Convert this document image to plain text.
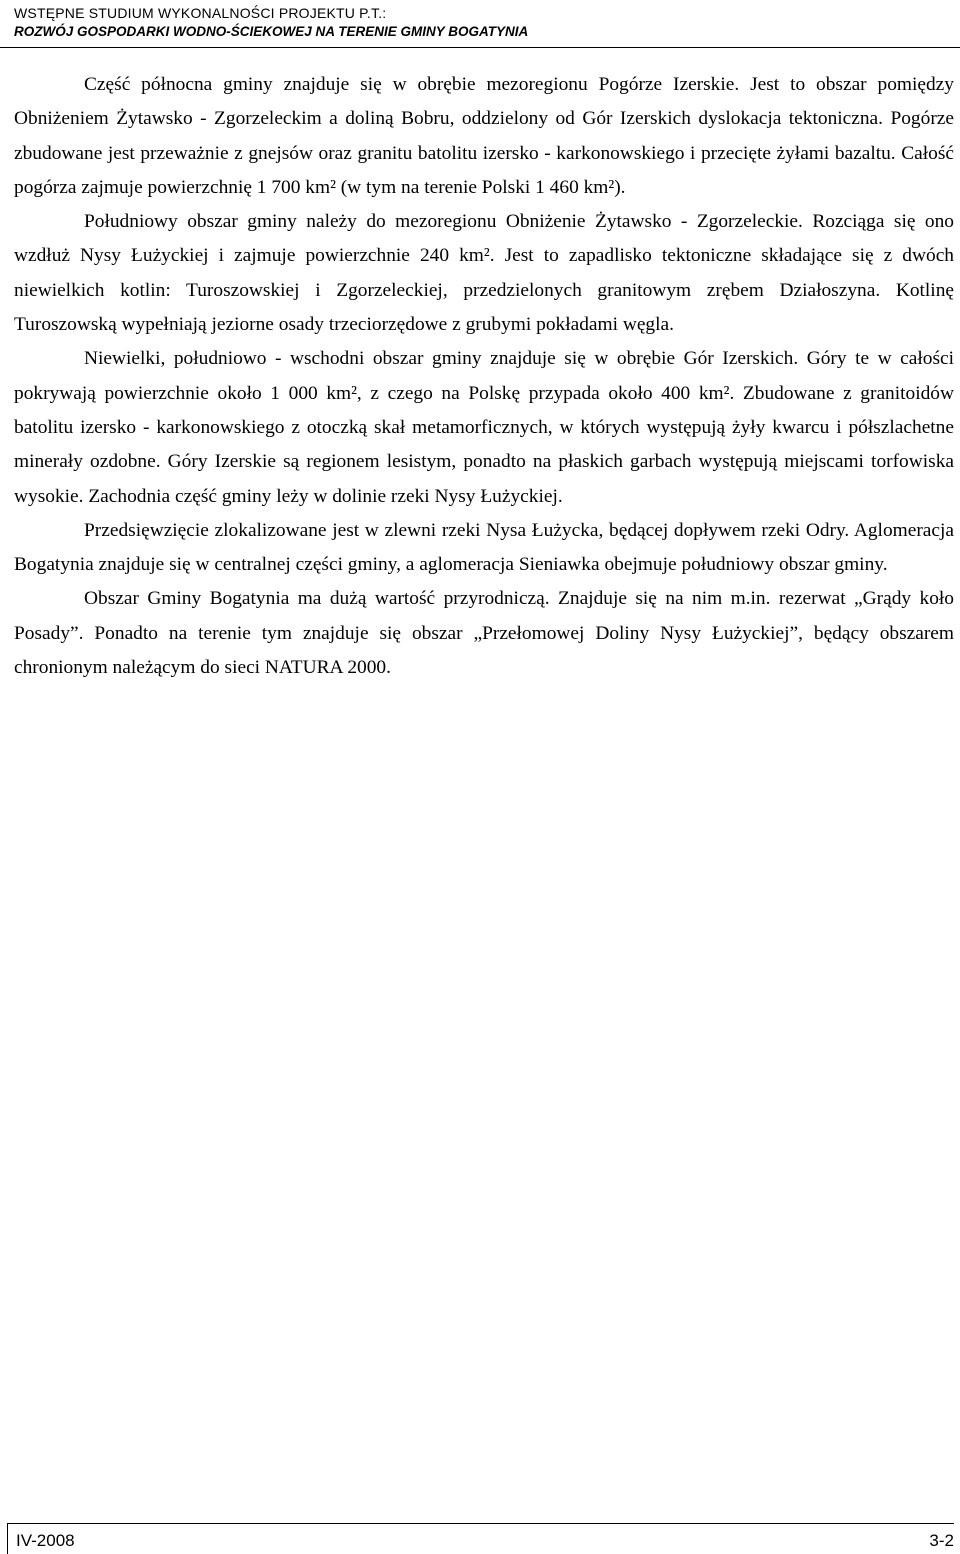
WSTĘPNE STUDIUM WYKONALNOŚCI PROJEKTU P.T.:
ROZWÓJ GOSPODARKI WODNO-ŚCIEKOWEJ NA TERENIE GMINY BOGATYNIA

Część północna gminy znajduje się w obrębie mezoregionu Pogórze Izerskie. Jest to obszar pomiędzy Obniżeniem Żytawsko - Zgorzeleckim a doliną Bobru, oddzielony od Gór Izerskich dyslokacja tektoniczna. Pogórze zbudowane jest przeważnie z gnejsów oraz granitu batolitu izersko - karkonowskiego i przecięte żyłami bazaltu. Całość pogórza zajmuje powierzchnię 1 700 km² (w tym na terenie Polski 1 460 km²).

Południowy obszar gminy należy do mezoregionu Obniżenie Żytawsko - Zgorzeleckie. Rozciąga się ono wzdłuż Nysy Łużyckiej i zajmuje powierzchnie 240 km². Jest to zapadlisko tektoniczne składające się z dwóch niewielkich kotlin: Turoszowskiej i Zgorzeleckiej, przedzielonych granitowym zrębem Działoszyna. Kotlinę Turoszowską wypełniają jeziorne osady trzeciorzędowe z grubymi pokładami węgla.

Niewielki, południowo - wschodni obszar gminy znajduje się w obrębie Gór Izerskich. Góry te w całości pokrywają powierzchnie około 1 000 km², z czego na Polskę przypada około 400 km². Zbudowane z granitoidów batolitu izersko - karkonowskiego z otoczką skał metamorficznych, w których występują żyły kwarcu i półszlachetne minerały ozdobne. Góry Izerskie są regionem lesistym, ponadto na płaskich garbach występują miejscami torfowiska wysokie. Zachodnia część gminy leży w dolinie rzeki Nysy Łużyckiej.

Przedsięwzięcie zlokalizowane jest w zlewni rzeki Nysa Łużycka, będącej dopływem rzeki Odry. Aglomeracja Bogatynia znajduje się w centralnej części gminy, a aglomeracja Sieniawka obejmuje południowy obszar gminy.

Obszar Gminy Bogatynia ma dużą wartość przyrodniczą. Znajduje się na nim m.in. rezerwat „Grądy koło Posady”. Ponadto na terenie tym znajduje się obszar „Przełomowej Doliny Nysy Łużyckiej”, będący obszarem chronionym należącym do sieci NATURA 2000.

IV-2008	3-2
